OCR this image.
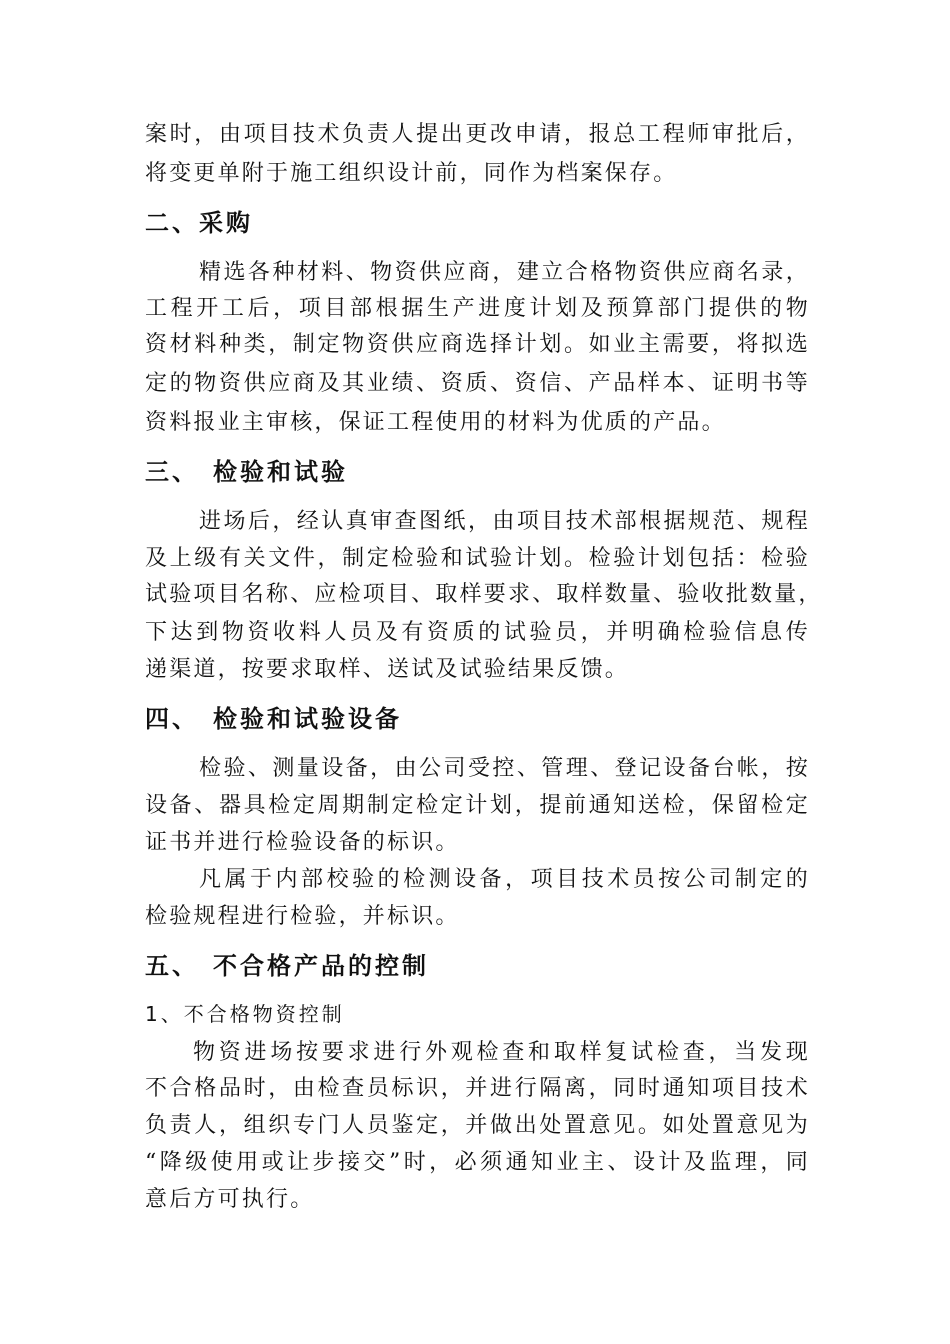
案时，由项目技术负责人提出更改申请，报总工程师审批后，
将变更单附于施工组织设计前，同作为档案保存。
二、采购
精选各种材料、物资供应商，建立合格物资供应商名录，
工程开工后，项目部根据生产进度计划及预算部门提供的物
资材料种类，制定物资供应商选择计划。如业主需要，将拟选
定的物资供应商及其业绩、资质、资信、产品样本、证明书等
资料报业主审核，保证工程使用的材料为优质的产品。
三、 检验和试验
进场后，经认真审查图纸，由项目技术部根据规范、规程
及上级有关文件，制定检验和试验计划。检验计划包括：检验
试验项目名称、应检项目、取样要求、取样数量、验收批数量，
下达到物资收料人员及有资质的试验员，并明确检验信息传
递渠道，按要求取样、送试及试验结果反馈。
四、 检验和试验设备
检验、测量设备，由公司受控、管理、登记设备台帐，按
设备、器具检定周期制定检定计划，提前通知送检，保留检定
证书并进行检验设备的标识。
凡属于内部校验的检测设备，项目技术员按公司制定的
检验规程进行检验，并标识。
五、 不合格产品的控制
1、不合格物资控制
物资进场按要求进行外观检查和取样复试检查，当发现
不合格品时，由检查员标识，并进行隔离，同时通知项目技术
负责人，组织专门人员鉴定，并做出处置意见。如处置意见为
“降级使用或让步接交”时，必须通知业主、设计及监理，同
意后方可执行。
